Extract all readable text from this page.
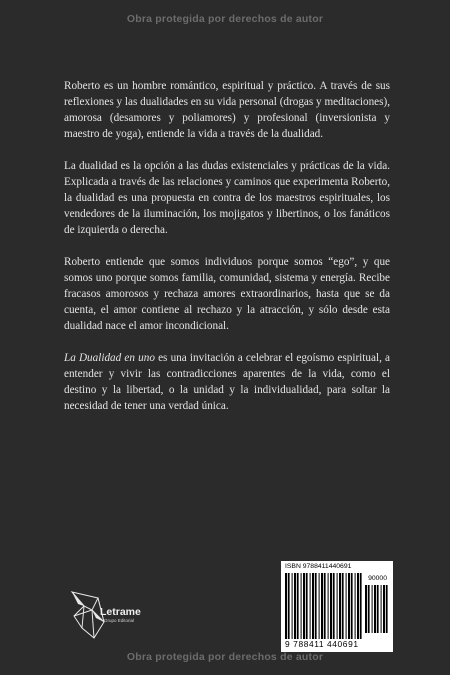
Obra protegida por derechos de autor

Roberto es un hombre romántico, espiritual y práctico. A través de sus reflexiones y las dualidades en su vida personal (drogas y meditaciones), amorosa (desamores y poliamores) y profesional (inversionista y maestro de yoga), entiende la vida a través de la dualidad.

La dualidad es la opción a las dudas existenciales y prácticas de la vida. Explicada a través de las relaciones y caminos que experimenta Roberto, la dualidad es una propuesta en contra de los maestros espirituales, los vendedores de la iluminación, los mojigatos y libertinos, o los fanáticos de izquierda o derecha.

Roberto entiende que somos individuos porque somos “ego”, y que somos uno porque somos familia, comunidad, sistema y energía. Recibe fracasos amorosos y rechaza amores extraordinarios, hasta que se da cuenta, el amor contiene al rechazo y la atracción, y sólo desde esta dualidad nace el amor incondicional.

La Dualidad en uno es una invitación a celebrar el egoísmo espiritual, a entender y vivir las contradicciones aparentes de la vida, como el destino y la libertad, o la unidad y la individualidad, para soltar la necesidad de tener una verdad única.

Letrame
Grupo Editorial
ISBN 9788411440691
90000
9 788411 440691
Obra protegida por derechos de autor
